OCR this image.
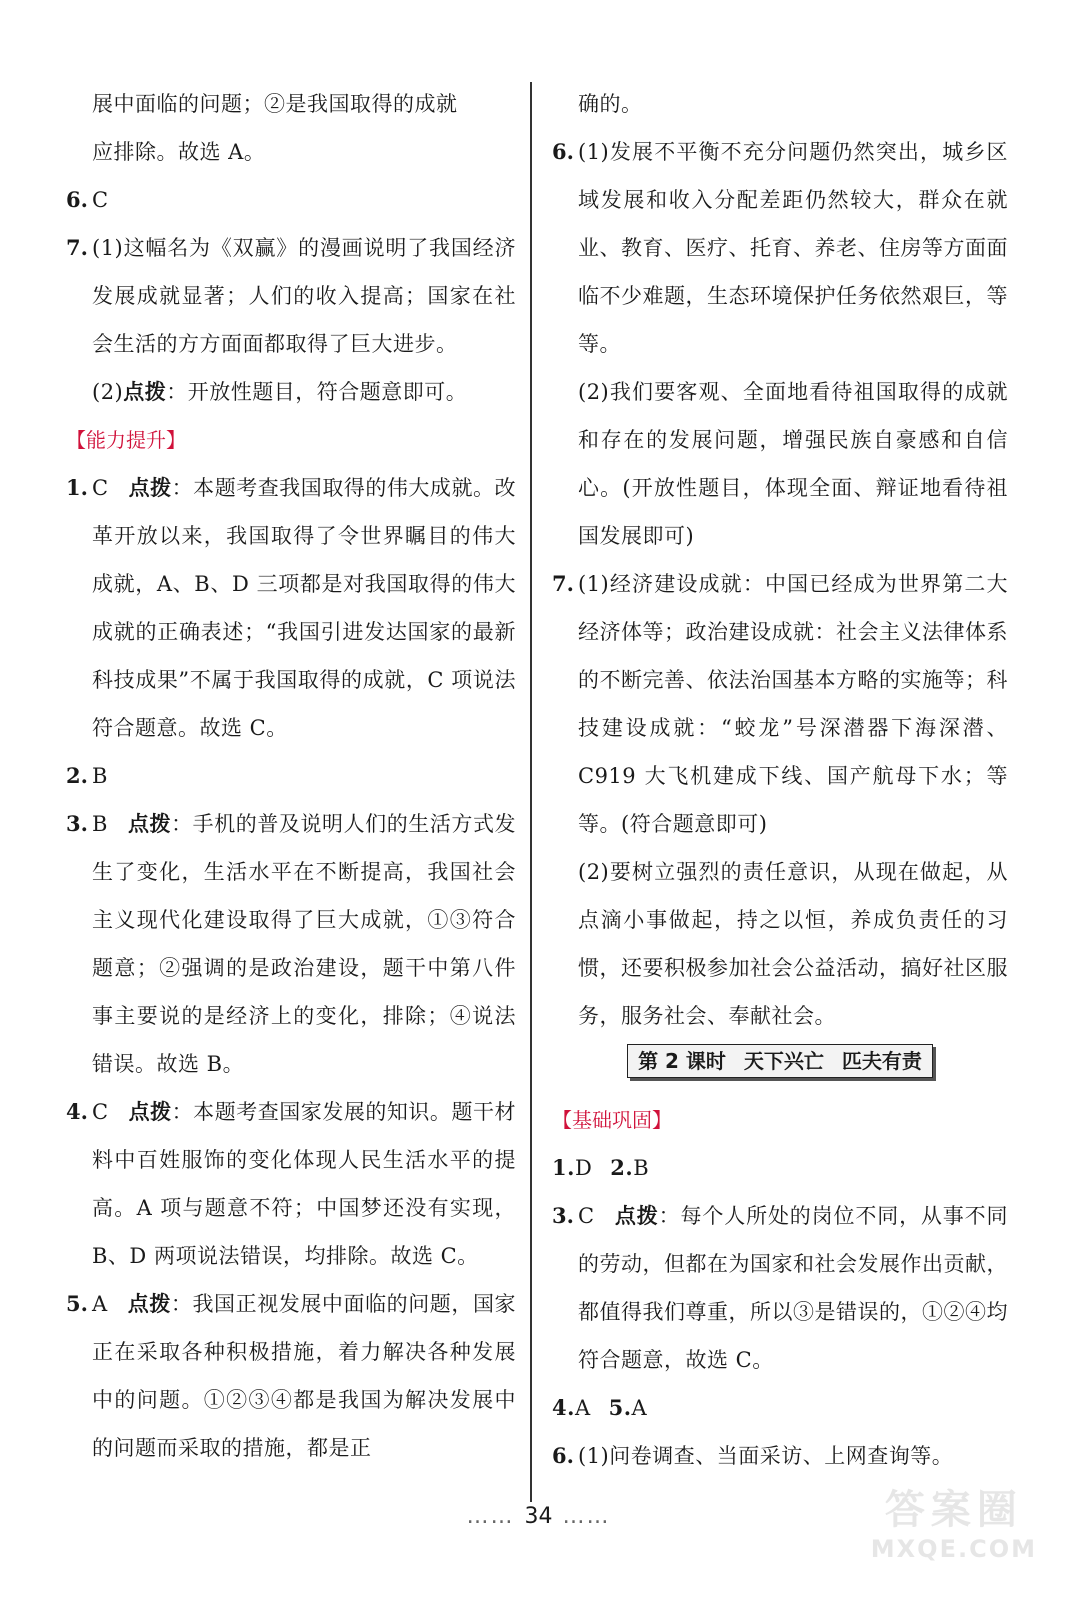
展中面临的问题；②是我国取得的成就
应排除。故选 A。
6. C
7. (1)这幅名为《双赢》的漫画说明了我国经济发展成就显著；人们的收入提高；国家在社会生活的方方面面都取得了巨大进步。
(2)点拨：开放性题目，符合题意即可。
【能力提升】
1. C 点拨：本题考查我国取得的伟大成就。改革开放以来，我国取得了令世界瞩目的伟大成就，A、B、D 三项都是对我国取得的伟大成就的正确表述；“我国引进发达国家的最新科技成果”不属于我国取得的成就，C 项说法符合题意。故选 C。
2. B
3. B 点拨：手机的普及说明人们的生活方式发生了变化，生活水平在不断提高，我国社会主义现代化建设取得了巨大成就，①③符合题意；②强调的是政治建设，题干中第八件事主要说的是经济上的变化，排除；④说法错误。故选 B。
4. C 点拨：本题考查国家发展的知识。题干材料中百姓服饰的变化体现人民生活水平的提高。A 项与题意不符；中国梦还没有实现，B、D 两项说法错误，均排除。故选 C。
5. A 点拨：我国正视发展中面临的问题，国家正在采取各种积极措施，着力解决各种发展中的问题。①②③④都是我国为解决发展中的问题而采取的措施，都是正
确的。
6. (1)发展不平衡不充分问题仍然突出，城乡区域发展和收入分配差距仍然较大，群众在就业、教育、医疗、托育、养老、住房等方面面临不少难题，生态环境保护任务依然艰巨，等等。
(2)我们要客观、全面地看待祖国取得的成就和存在的发展问题，增强民族自豪感和自信心。(开放性题目，体现全面、辩证地看待祖国发展即可)
7. (1)经济建设成就：中国已经成为世界第二大经济体等；政治建设成就：社会主义法律体系的不断完善、依法治国基本方略的实施等；科技建设成就：“蛟龙”号深潜器下海深潜、C919 大飞机建成下线、国产航母下水；等等。(符合题意即可)
(2)要树立强烈的责任意识，从现在做起，从点滴小事做起，持之以恒，养成负责任的习惯，还要积极参加社会公益活动，搞好社区服务，服务社会、奉献社会。
第 2 课时 天下兴亡 匹夫有责
【基础巩固】
1.D 2.B
3. C 点拨：每个人所处的岗位不同，从事不同的劳动，但都在为国家和社会发展作出贡献，都值得我们尊重，所以③是错误的，①②④均符合题意，故选 C。
4.A 5.A
6. (1)问卷调查、当面采访、上网查询等。
…… 34 ……	答案圈
MXQE.COM
